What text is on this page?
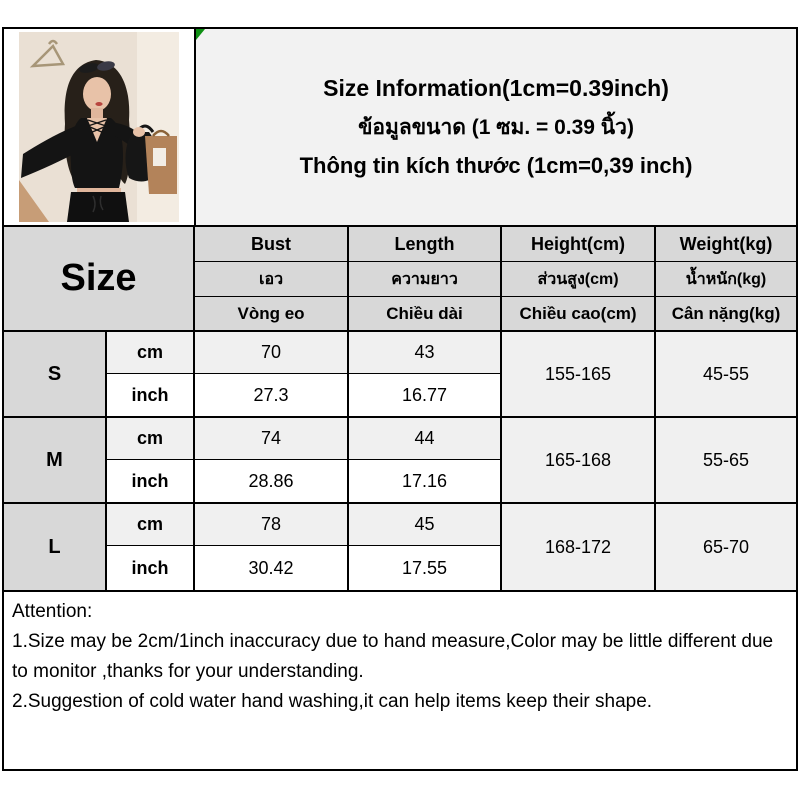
Size Information(1cm=0.39inch)
ข้อมูลขนาด (1 ซม. = 0.39 นิ้ว)
Thông tin kích thước (1cm=0,39 inch)
Size		Bust	Length	Height(cm)	Weight(kg)
		เอว	ความยาว	ส่วนสูง(cm)	น้ำหนัก(kg)
		Vòng eo	Chiều dài	Chiều cao(cm)	Cân nặng(kg)
S	cm	70	43	155-165	45-55
	inch	27.3	16.77		
M	cm	74	44	165-168	55-65
	inch	28.86	17.16		
L	cm	78	45	168-172	65-70
	inch	30.42	17.55		
Attention:
1.Size may be 2cm/1inch inaccuracy due to hand measure,Color may be little different due to monitor ,thanks for your understanding.
2.Suggestion of cold water hand washing,it can help items keep their shape.
